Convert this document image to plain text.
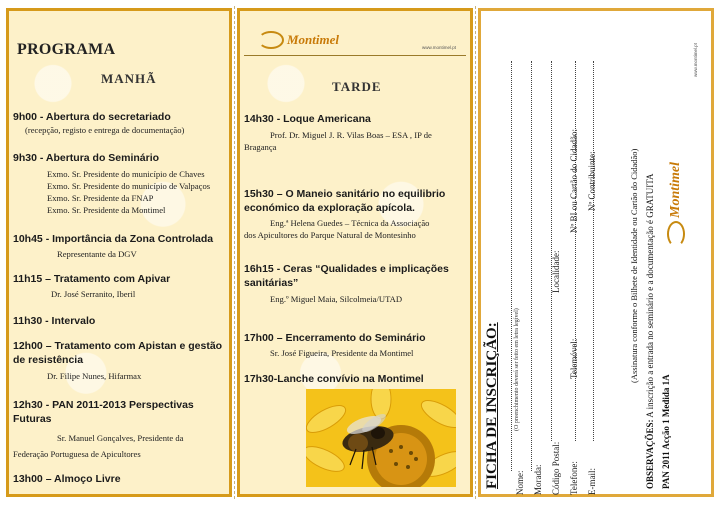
PROGRAMA
MANHÃ
9h00 - Abertura do secretariado
(recepção, registo e entrega de documentação)
9h30 - Abertura do Seminário
Exmo. Sr. Presidente do município de Chaves
Exmo. Sr. Presidente do município de Valpaços
Exmo. Sr. Presidente da FNAP
Exmo. Sr. Presidente da Montimel
10h45 - Importância da Zona Controlada
Representante da DGV
11h15 – Tratamento com Apivar
Dr. José Serranito, Iberil
11h30 - Intervalo
12h00 – Tratamento com Apistan e gestão
de resistência
Dr. Filipe Nunes, Hifarmax
12h30 - PAN 2011-2013 Perspectivas
Futuras
Sr. Manuel Gonçalves, Presidente da
Federação Portuguesa de Apicultores
13h00 – Almoço Livre
Montimel
www.montimel.pt
TARDE
14h30 - Loque Americana
Prof. Dr. Miguel J. R. Vilas Boas – ESA , IP de
Bragança
15h30 – O Maneio sanitário no equilibrio
económico da exploração apícola.
Eng.ª Helena Guedes – Técnica da Associação
dos Apicultores do Parque Natural de Montesinho
16h15 - Ceras “Qualidades e implicações
sanitárias”
Eng.º Miguel Maia, Silcolmeia/UTAD
17h00 – Encerramento do Seminário
Sr. José Figueira, Presidente da Montimel
17h30-Lanche convívio na Montimel	FICHA DE INSCRIÇÃO:	(O preenchimento deverá ser feito em letra legível)
Nome: Morada: Código Postal:
Localidade:
Telefone:
Telemóvel:
Nº BI ou Cartão do Cidadão:
E-mail:
Nº Contribuinte:	(Assinatura conforme o Bilhete de Identidade ou Cartão do Cidadão)
OBSERVAÇÕES: A inscrição a entrada no seminário e a documentação é GRATUITA
PAN 2011 Acção 1 Medida 1A
Montimel
www.montimel.pt
